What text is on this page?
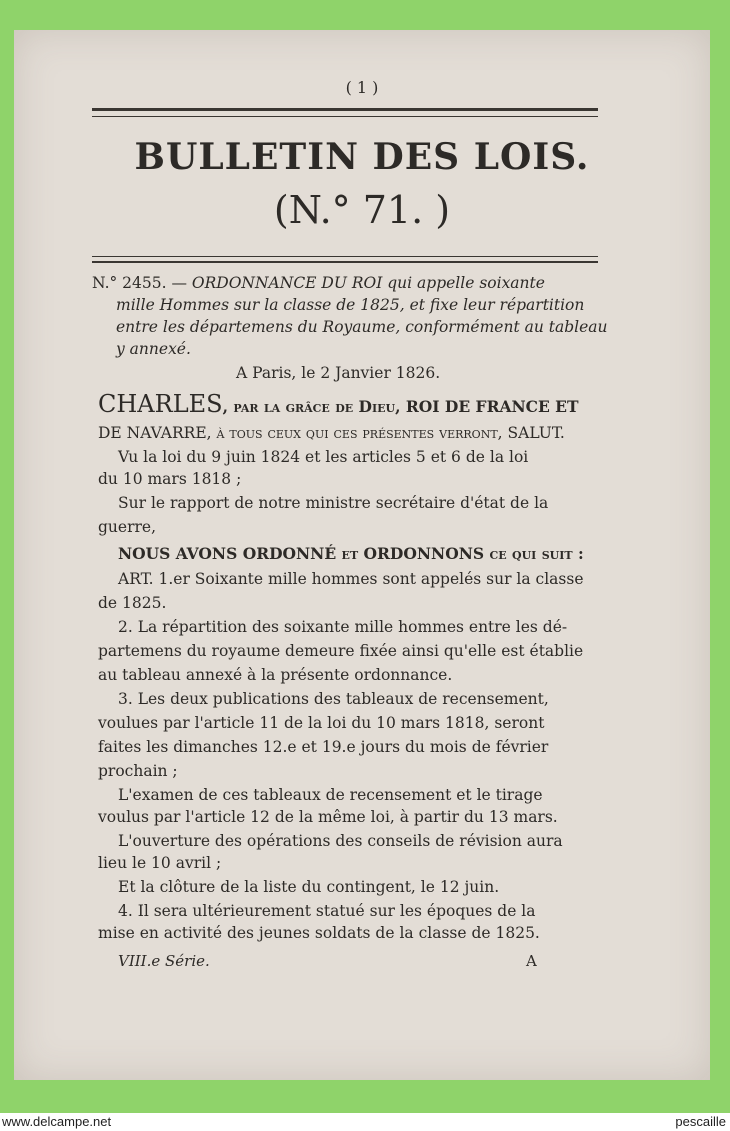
( 1 )
BULLETIN DES LOIS.
(N.° 71. )
N.° 2455. — ORDONNANCE DU ROI qui appelle soixante
mille Hommes sur la classe de 1825, et fixe leur répartition
entre les départemens du Royaume, conformément au tableau
y annexé.
A Paris, le 2 Janvier 1826.
CHARLES, par la grâce de Dieu, ROI DE FRANCE ET
DE NAVARRE, à tous ceux qui ces présentes verront, SALUT.
Vu la loi du 9 juin 1824 et les articles 5 et 6 de la loi
du 10 mars 1818 ;
Sur le rapport de notre ministre secrétaire d'état de la
guerre,
NOUS AVONS ORDONNÉ et ORDONNONS ce qui suit :
ART. 1.er Soixante mille hommes sont appelés sur la classe
de 1825.
2. La répartition des soixante mille hommes entre les dé-
partemens du royaume demeure fixée ainsi qu'elle est établie
au tableau annexé à la présente ordonnance.
3. Les deux publications des tableaux de recensement,
voulues par l'article 11 de la loi du 10 mars 1818, seront
faites les dimanches 12.e et 19.e jours du mois de février
prochain ;
L'examen de ces tableaux de recensement et le tirage
voulus par l'article 12 de la même loi, à partir du 13 mars.
L'ouverture des opérations des conseils de révision aura
lieu le 10 avril ;
Et la clôture de la liste du contingent, le 12 juin.
4. Il sera ultérieurement statué sur les époques de la
mise en activité des jeunes soldats de la classe de 1825.
VIII.e Série.	A
www.delcampe.net	pescaille
